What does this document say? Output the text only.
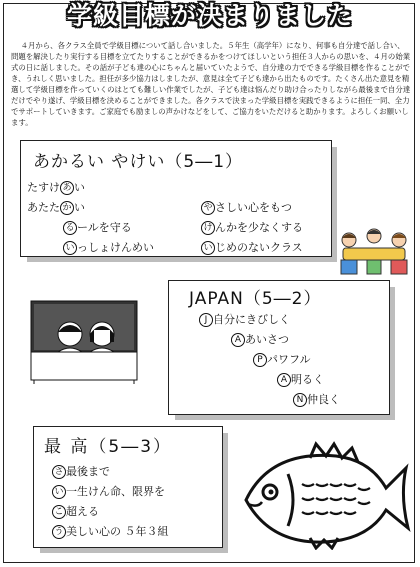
学級目標が決まりました
４月から、各クラス全員で学級目標について話し合いました。５年生（高学年）になり、何事も自分達で話し合い、問題を解決したり実行する目標を立てたりすることができるかをつけてほしいという担任３人からの思いを、４月の始業式の日に話しました。その話が子ども達の心にちゃんと届いていたようで、自分達の力でできる学級目標を作ることができ、うれしく思いました。担任が多少協力はしましたが、意見は全て子ども達から出たものです。たくさん出た意見を精選して学級目標を作っていくのはとても難しい作業でしたが、子ども達は悩んだり助け合ったりしながら最後まで自分達だけでやり遂げ、学級目標を決めることができました。各クラスで決まった学級目標を実践できるように担任一同、全力でサポートしていきます。ご家庭でも励ましの声かけなどをして、ご協力をいただけると助かります。よろしくお願いします。
あかるい やけい（5―1）
たすけ あ い
あたた か い
る ールを守る
い っしょけんめい
や さしい心をもつ
け んかを少なくする
い じめのないクラス
JAPAN（5―2）
J 自分にきびしく
A あいさつ
P パワフル
A 明るく
N 仲良く
最 高（5―3）
さ 最後まで
い 一生けん命、限界を
こ 超える
う 美しい心の ５年３組
